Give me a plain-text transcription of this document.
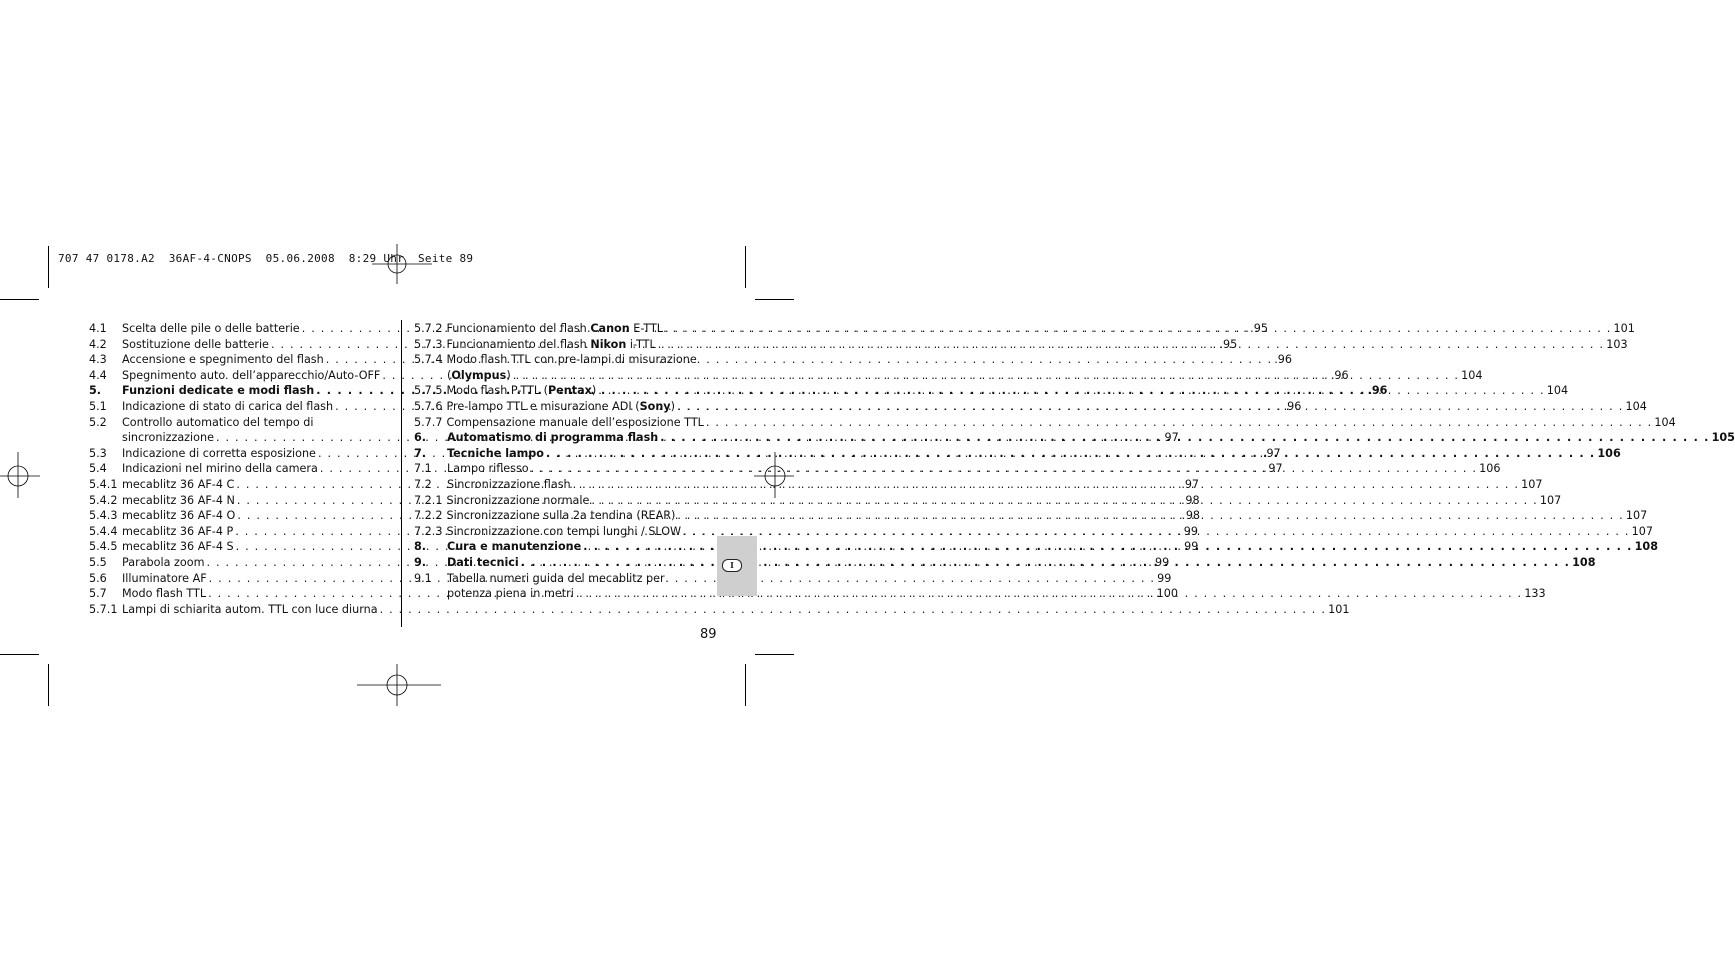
707 47 0178.A2  36AF-4-CNOPS  05.06.2008  8:29 Uhr  Seite 89
4.1	Scelta delle pile o delle batterie . . .	.95
4.2	Sostituzione delle batterie . . .	.95
4.3	Accensione e spegnimento del flash . . .	.96
4.4	Spegnimento auto. dell’apparecchio/Auto-OFF . . .	.96
5.	Funzioni dedicate e modi flash . . .	.96
5.1	Indicazione di stato di carica del flash . . .	.96
5.2	Controllo automatico del tempo di
sincronizzazione . . .	97
5.3	Indicazione di corretta esposizione . . .	97
5.4	Indicazioni nel mirino della camera . . .	97
5.4.1 mecablitz 36 AF-4 C . . .	97
5.4.2 mecablitz 36 AF-4 N . . .	98
5.4.3 mecablitz 36 AF-4 O . . .	98
5.4.4 mecablitz 36 AF-4 P . . .	99
5.4.5 mecablitz 36 AF-4 S . . .	99
5.5	Parabola zoom . . .	99
5.6	Illuminatore AF . . .	99
5.7	Modo flash TTL . . .	100
5.7.1 Lampi di schiarita autom. TTL con luce diurna . . .	101
5.7.2 Funcionamiento del flash Canon E-TTL . . .	101
5.7.3 Funcionamiento del flash Nikon i-TTL . . .	103
5.7.4 Modo flash TTL con pre-lampi di misurazione
(Olympus) . . .	104
5.7.5 Modo flash P-TTL (Pentax) . . .	104
5.7.6 Pre-lampo TTL e misurazione ADI (Sony) . . .	104
5.7.7 Compensazione manuale dell’esposizione TTL . . .	104
6.	Automatismo di programma flash . . .	105
7.	Tecniche lampo . . .	106
7.1	Lampo riflesso . . .	106
7.2	Sincronizzazione flash . . .	107
7.2.1 Sincronizzazione normale . . .	107
7.2.2 Sincronizzazione sulla 2a tendina (REAR) . . .	107
7.2.3 Sincronizzazione con tempi lunghi / SLOW . . .	107
8.	Cura e manutenzione . . .	108
9.	Dati tecnici . . .	108
9.1	Tabella numeri guida del mecablitz per
potenza piena in metri . . .	133
I
89
